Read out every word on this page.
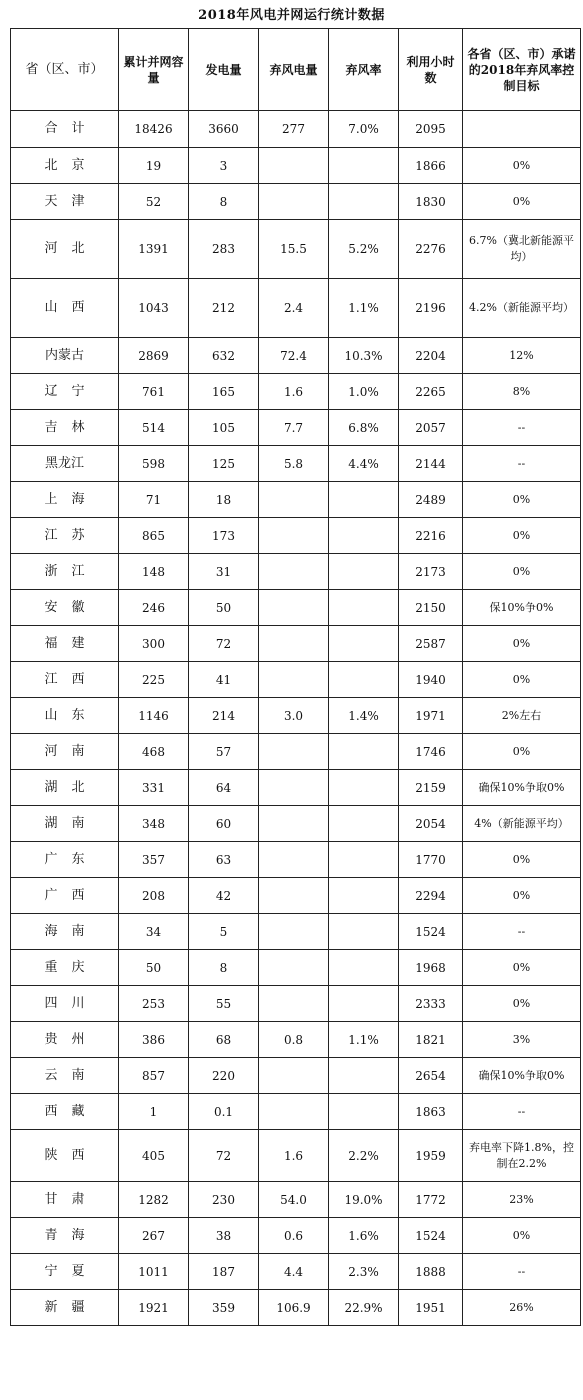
2018年风电并网运行统计数据
省（区、市）	累计并网容量	发电量	弃风电量	弃风率	利用小时数	各省（区、市）承诺的2018年弃风率控制目标
合计	18426	3660	277	7.0%	2095	
北京	19	3			1866	0%
天津	52	8			1830	0%
河北	1391	283	15.5	5.2%	2276	6.7%（冀北新能源平均）
山西	1043	212	2.4	1.1%	2196	4.2%（新能源平均）
内蒙古	2869	632	72.4	10.3%	2204	12%
辽宁	761	165	1.6	1.0%	2265	8%
吉林	514	105	7.7	6.8%	2057	--
黑龙江	598	125	5.8	4.4%	2144	--
上海	71	18			2489	0%
江苏	865	173			2216	0%
浙江	148	31			2173	0%
安徽	246	50			2150	保10%争0%
福建	300	72			2587	0%
江西	225	41			1940	0%
山东	1146	214	3.0	1.4%	1971	2%左右
河南	468	57			1746	0%
湖北	331	64			2159	确保10%争取0%
湖南	348	60			2054	4%（新能源平均）
广东	357	63			1770	0%
广西	208	42			2294	0%
海南	34	5			1524	--
重庆	50	8			1968	0%
四川	253	55			2333	0%
贵州	386	68	0.8	1.1%	1821	3%
云南	857	220			2654	确保10%争取0%
西藏	1	0.1			1863	--
陕西	405	72	1.6	2.2%	1959	弃电率下降1.8%，控制在2.2%
甘肃	1282	230	54.0	19.0%	1772	23%
青海	267	38	0.6	1.6%	1524	0%
宁夏	1011	187	4.4	2.3%	1888	--
新疆	1921	359	106.9	22.9%	1951	26%
